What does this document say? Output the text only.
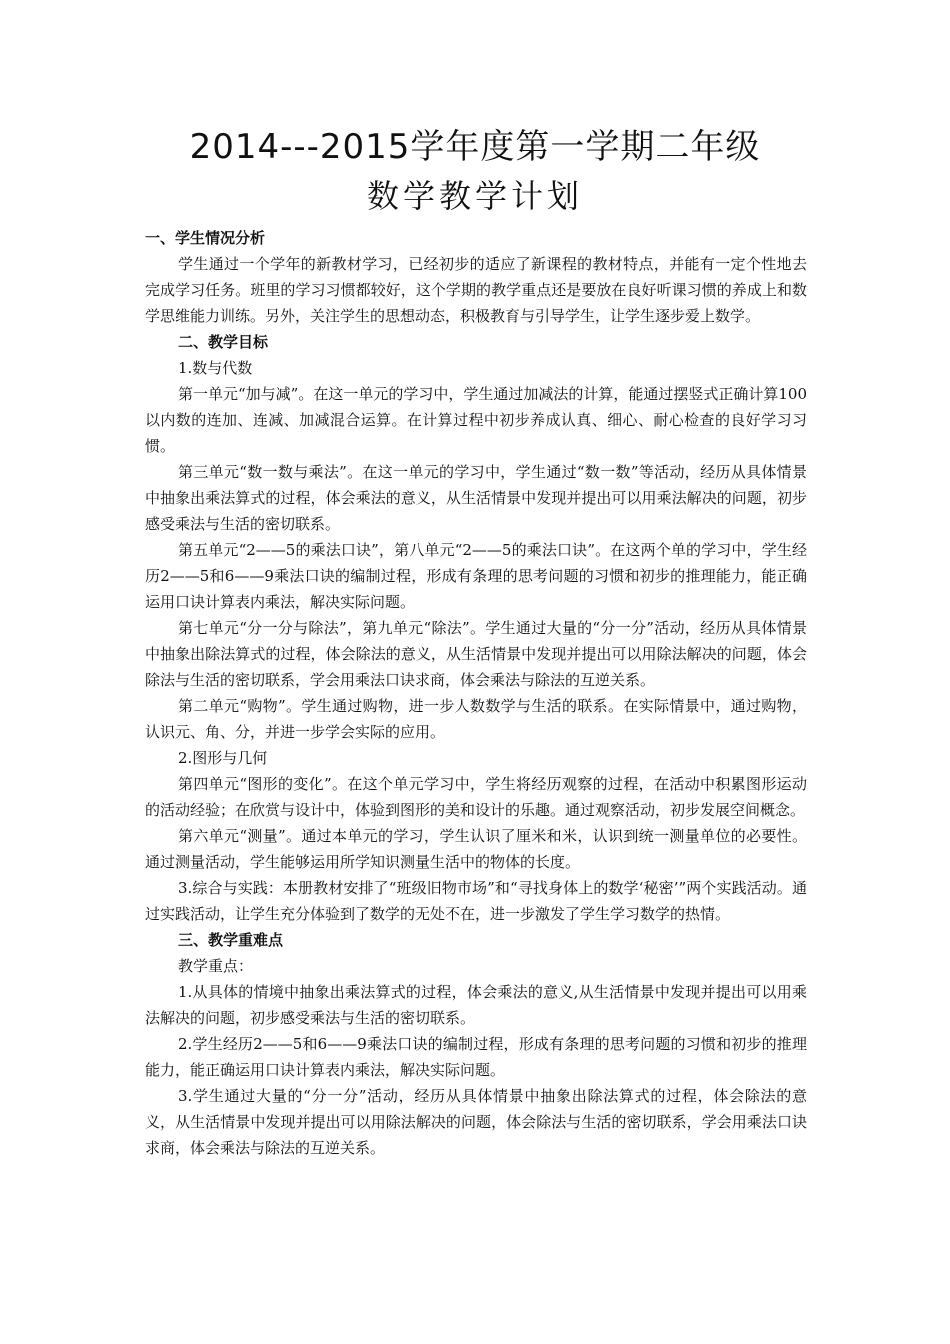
2014---2015学年度第一学期二年级
数学教学计划

一、学生情况分析

学生通过一个学年的新教材学习，已经初步的适应了新课程的教材特点，并能有一定个性地去完成学习任务。班里的学习习惯都较好，这个学期的教学重点还是要放在良好听课习惯的养成上和数学思维能力训练。另外，关注学生的思想动态，积极教育与引导学生，让学生逐步爱上数学。

二、教学目标

1.数与代数

第一单元“加与减”。在这一单元的学习中，学生通过加减法的计算，能通过摆竖式正确计算100以内数的连加、连减、加减混合运算。在计算过程中初步养成认真、细心、耐心检查的良好学习习惯。

第三单元“数一数与乘法”。在这一单元的学习中，学生通过“数一数”等活动，经历从具体情景中抽象出乘法算式的过程，体会乘法的意义，从生活情景中发现并提出可以用乘法解决的问题，初步感受乘法与生活的密切联系。

第五单元“2——5的乘法口诀”，第八单元“2——5的乘法口诀”。在这两个单的学习中，学生经历2——5和6——9乘法口诀的编制过程，形成有条理的思考问题的习惯和初步的推理能力，能正确运用口诀计算表内乘法，解决实际问题。

第七单元“分一分与除法”，第九单元“除法”。学生通过大量的“分一分”活动，经历从具体情景中抽象出除法算式的过程，体会除法的意义，从生活情景中发现并提出可以用除法解决的问题，体会除法与生活的密切联系，学会用乘法口诀求商，体会乘法与除法的互逆关系。

第二单元“购物”。学生通过购物，进一步人数数学与生活的联系。在实际情景中，通过购物，认识元、角、分，并进一步学会实际的应用。

2.图形与几何

第四单元“图形的变化”。在这个单元学习中，学生将经历观察的过程，在活动中积累图形运动的活动经验；在欣赏与设计中，体验到图形的美和设计的乐趣。通过观察活动，初步发展空间概念。

第六单元“测量”。通过本单元的学习，学生认识了厘米和米，认识到统一测量单位的必要性。通过测量活动，学生能够运用所学知识测量生活中的物体的长度。

3.综合与实践：本册教材安排了“班级旧物市场”和“寻找身体上的数学‘秘密’”两个实践活动。通过实践活动，让学生充分体验到了数学的无处不在，进一步激发了学生学习数学的热情。

三、教学重难点

教学重点：

1.从具体的情境中抽象出乘法算式的过程，体会乘法的意义,从生活情景中发现并提出可以用乘法解决的问题，初步感受乘法与生活的密切联系。

2.学生经历2——5和6——9乘法口诀的编制过程，形成有条理的思考问题的习惯和初步的推理能力，能正确运用口诀计算表内乘法，解决实际问题。

3.学生通过大量的“分一分”活动，经历从具体情景中抽象出除法算式的过程，体会除法的意义，从生活情景中发现并提出可以用除法解决的问题，体会除法与生活的密切联系，学会用乘法口诀求商，体会乘法与除法的互逆关系。
